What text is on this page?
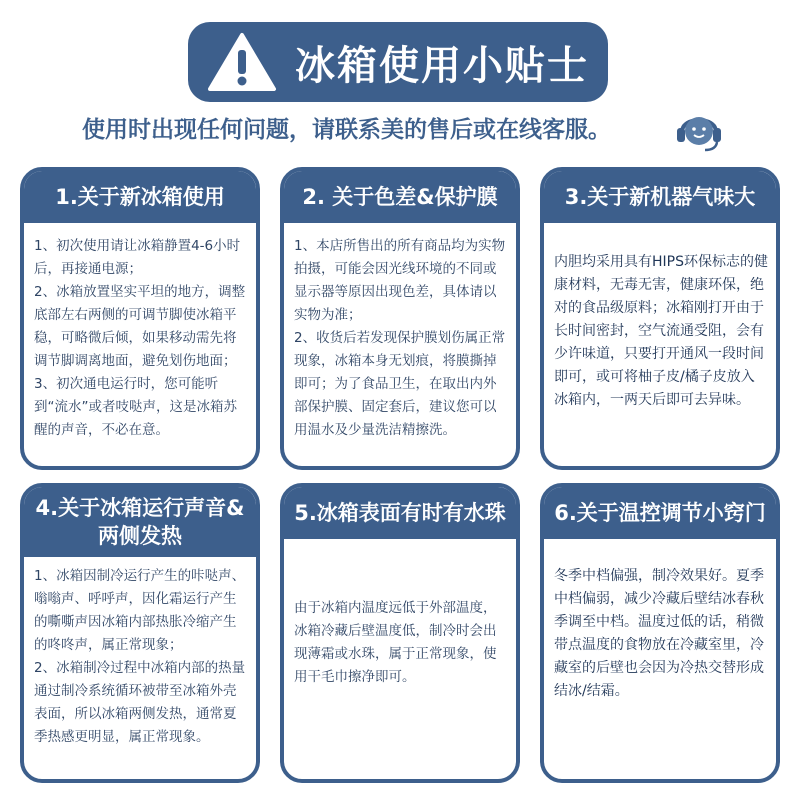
冰箱使用小贴士
使用时出现任何问题，请联系美的售后或在线客服。
1.关于新冰箱使用
1、初次使用请让冰箱静置4-6小时后，再接通电源；
2、冰箱放置坚实平坦的地方，调整底部左右两侧的可调节脚使冰箱平稳，可略微后倾，如果移动需先将调节脚调离地面，避免划伤地面；
3、初次通电运行时，您可能听到“流水”或者吱哒声，这是冰箱苏醒的声音，不必在意。
2. 关于色差&保护膜
1、本店所售出的所有商品均为实物拍摄，可能会因光线环境的不同或显示器等原因出现色差，具体请以实物为准；
2、收货后若发现保护膜划伤属正常现象，冰箱本身无划痕，将膜撕掉即可；为了食品卫生，在取出内外部保护膜、固定套后，建议您可以用温水及少量洗洁精擦洗。
3.关于新机器气味大
内胆均采用具有HIPS环保标志的健康材料，无毒无害，健康环保，绝对的食品级原料；冰箱刚打开由于长时间密封，空气流通受阻，会有少许味道，只要打开通风一段时间即可，或可将柚子皮/橘子皮放入冰箱内，一两天后即可去异味。
4.关于冰箱运行声音&两侧发热
1、冰箱因制冷运行产生的咔哒声、嗡嗡声、呼呼声，因化霜运行产生的嘶嘶声因冰箱内部热胀冷缩产生的咚咚声，属正常现象；
2、冰箱制冷过程中冰箱内部的热量通过制冷系统循环被带至冰箱外壳表面，所以冰箱两侧发热，通常夏季热感更明显，属正常现象。
5.冰箱表面有时有水珠
由于冰箱内温度远低于外部温度，冰箱冷藏后壁温度低，制冷时会出现薄霜或水珠，属于正常现象，使用干毛巾擦净即可。
6.关于温控调节小窍门
冬季中档偏强，制冷效果好。夏季中档偏弱，减少冷藏后壁结冰春秋季调至中档。温度过低的话，稍微带点温度的食物放在冷藏室里，冷藏室的后壁也会因为冷热交替形成结冰/结霜。
